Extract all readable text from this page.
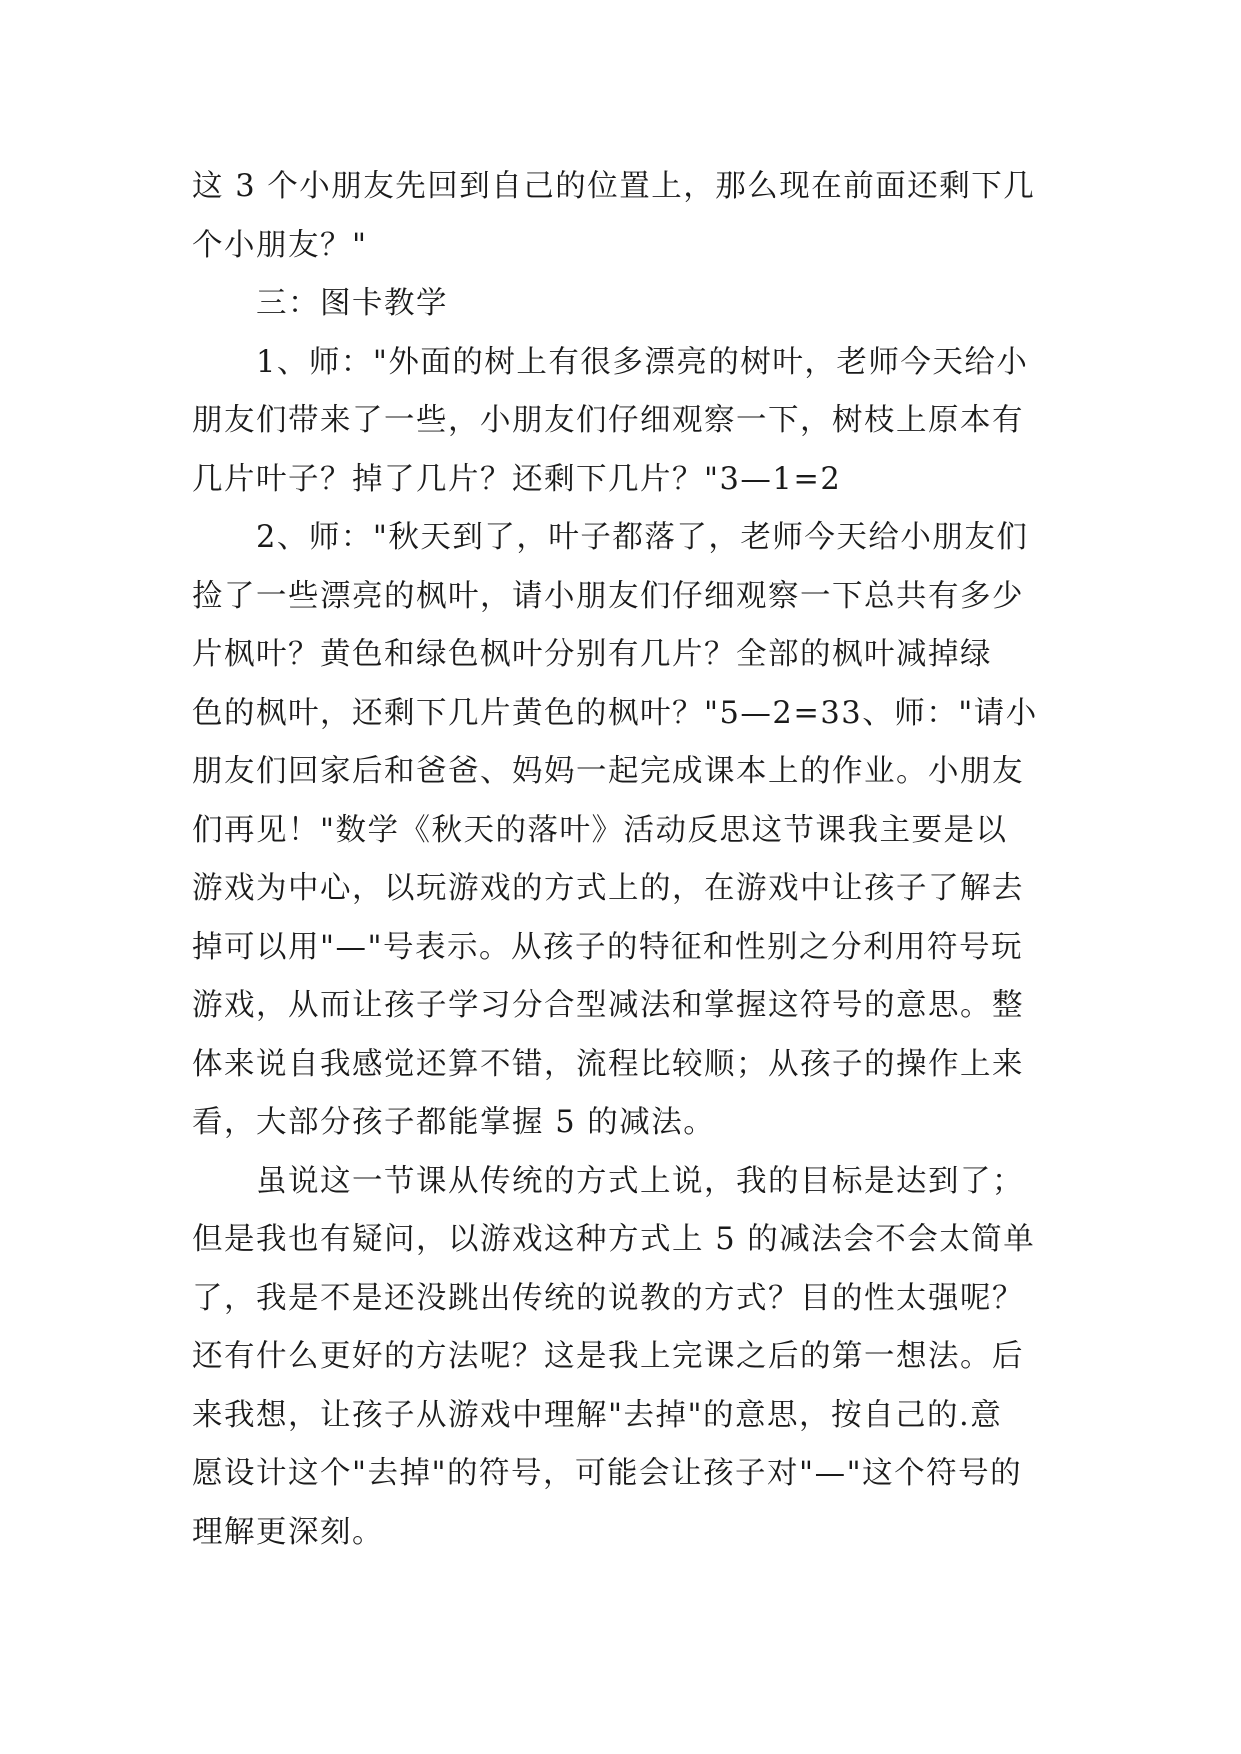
这 3 个小朋友先回到自己的位置上，那么现在前面还剩下几
个小朋友？"
三：图卡教学
1、师："外面的树上有很多漂亮的树叶，老师今天给小
朋友们带来了一些，小朋友们仔细观察一下，树枝上原本有
几片叶子？掉了几片？还剩下几片？"3—1=2
2、师："秋天到了，叶子都落了，老师今天给小朋友们
捡了一些漂亮的枫叶，请小朋友们仔细观察一下总共有多少
片枫叶？黄色和绿色枫叶分别有几片？全部的枫叶减掉绿
色的枫叶，还剩下几片黄色的枫叶？"5—2=33、师："请小
朋友们回家后和爸爸、妈妈一起完成课本上的作业。小朋友
们再见！"数学《秋天的落叶》活动反思这节课我主要是以
游戏为中心，以玩游戏的方式上的，在游戏中让孩子了解去
掉可以用"—"号表示。从孩子的特征和性别之分利用符号玩
游戏，从而让孩子学习分合型减法和掌握这符号的意思。整
体来说自我感觉还算不错，流程比较顺；从孩子的操作上来
看，大部分孩子都能掌握 5 的减法。
虽说这一节课从传统的方式上说，我的目标是达到了；
但是我也有疑问，以游戏这种方式上 5 的减法会不会太简单
了，我是不是还没跳出传统的说教的方式？目的性太强呢？
还有什么更好的方法呢？这是我上完课之后的第一想法。后
来我想，让孩子从游戏中理解"去掉"的意思，按自己的.意
愿设计这个"去掉"的符号，可能会让孩子对"—"这个符号的
理解更深刻。
